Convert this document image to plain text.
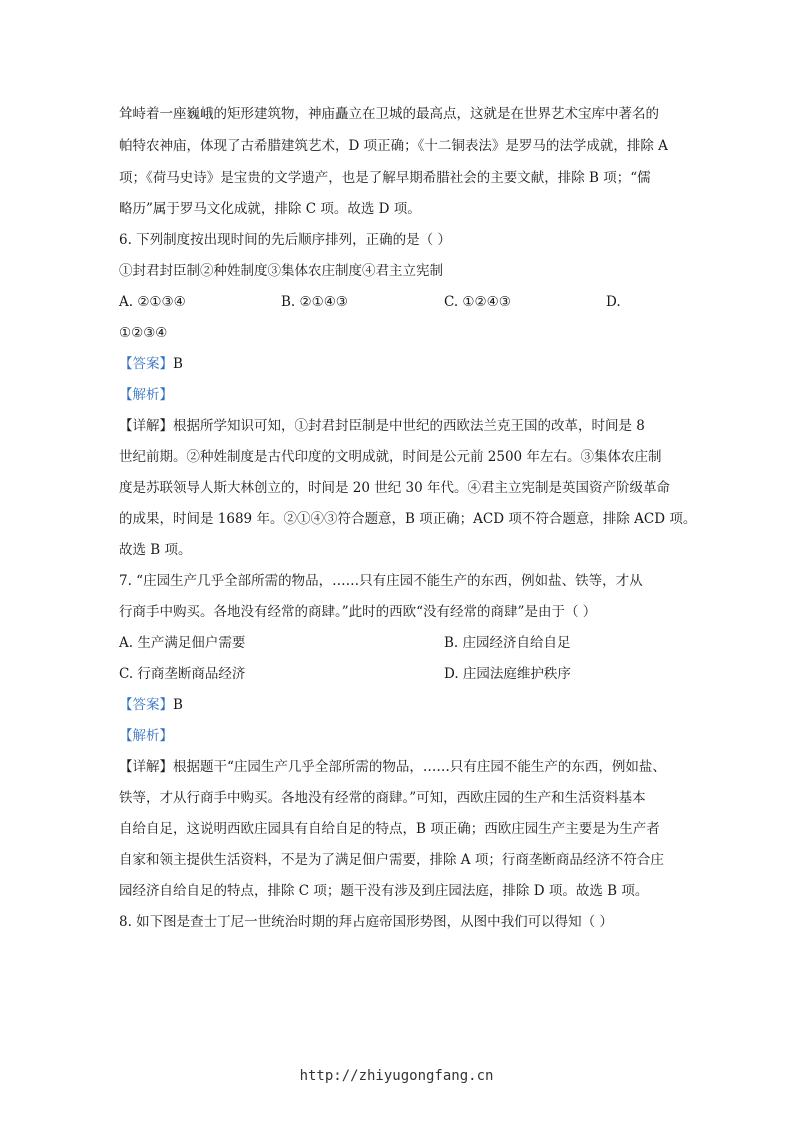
耸峙着一座巍峨的矩形建筑物，神庙矗立在卫城的最高点，这就是在世界艺术宝库中著名的
帕特农神庙，体现了古希腊建筑艺术，D 项正确；《十二铜表法》是罗马的法学成就，排除 A
项；《荷马史诗》是宝贵的文学遗产，也是了解早期希腊社会的主要文献，排除 B 项；“儒
略历”属于罗马文化成就，排除 C 项。故选 D 项。
6. 下列制度按出现时间的先后顺序排列，正确的是（ ）
①封君封臣制②种姓制度③集体农庄制度④君主立宪制
A. ②①③④	B. ②①④③	C. ①②④③	D.
①②③④
【答案】B
【解析】
【详解】根据所学知识可知，①封君封臣制是中世纪的西欧法兰克王国的改革，时间是 8
世纪前期。②种姓制度是古代印度的文明成就，时间是公元前 2500 年左右。③集体农庄制
度是苏联领导人斯大林创立的，时间是 20 世纪 30 年代。④君主立宪制是英国资产阶级革命
的成果，时间是 1689 年。②①④③符合题意，B 项正确；ACD 项不符合题意，排除 ACD 项。
故选 B 项。
7. “庄园生产几乎全部所需的物品，……只有庄园不能生产的东西，例如盐、铁等，才从
行商手中购买。各地没有经常的商肆。”此时的西欧“没有经常的商肆”是由于（ ）
A. 生产满足佃户需要	B. 庄园经济自给自足
C. 行商垄断商品经济	D. 庄园法庭维护秩序
【答案】B
【解析】
【详解】根据题干“庄园生产几乎全部所需的物品，……只有庄园不能生产的东西，例如盐、
铁等，才从行商手中购买。各地没有经常的商肆。”可知，西欧庄园的生产和生活资料基本
自给自足，这说明西欧庄园具有自给自足的特点，B 项正确；西欧庄园生产主要是为生产者
自家和领主提供生活资料，不是为了满足佃户需要，排除 A 项；行商垄断商品经济不符合庄
园经济自给自足的特点，排除 C 项；题干没有涉及到庄园法庭，排除 D 项。故选 B 项。
8. 如下图是查士丁尼一世统治时期的拜占庭帝国形势图，从图中我们可以得知（ ）
http://zhiyugongfang.cn
